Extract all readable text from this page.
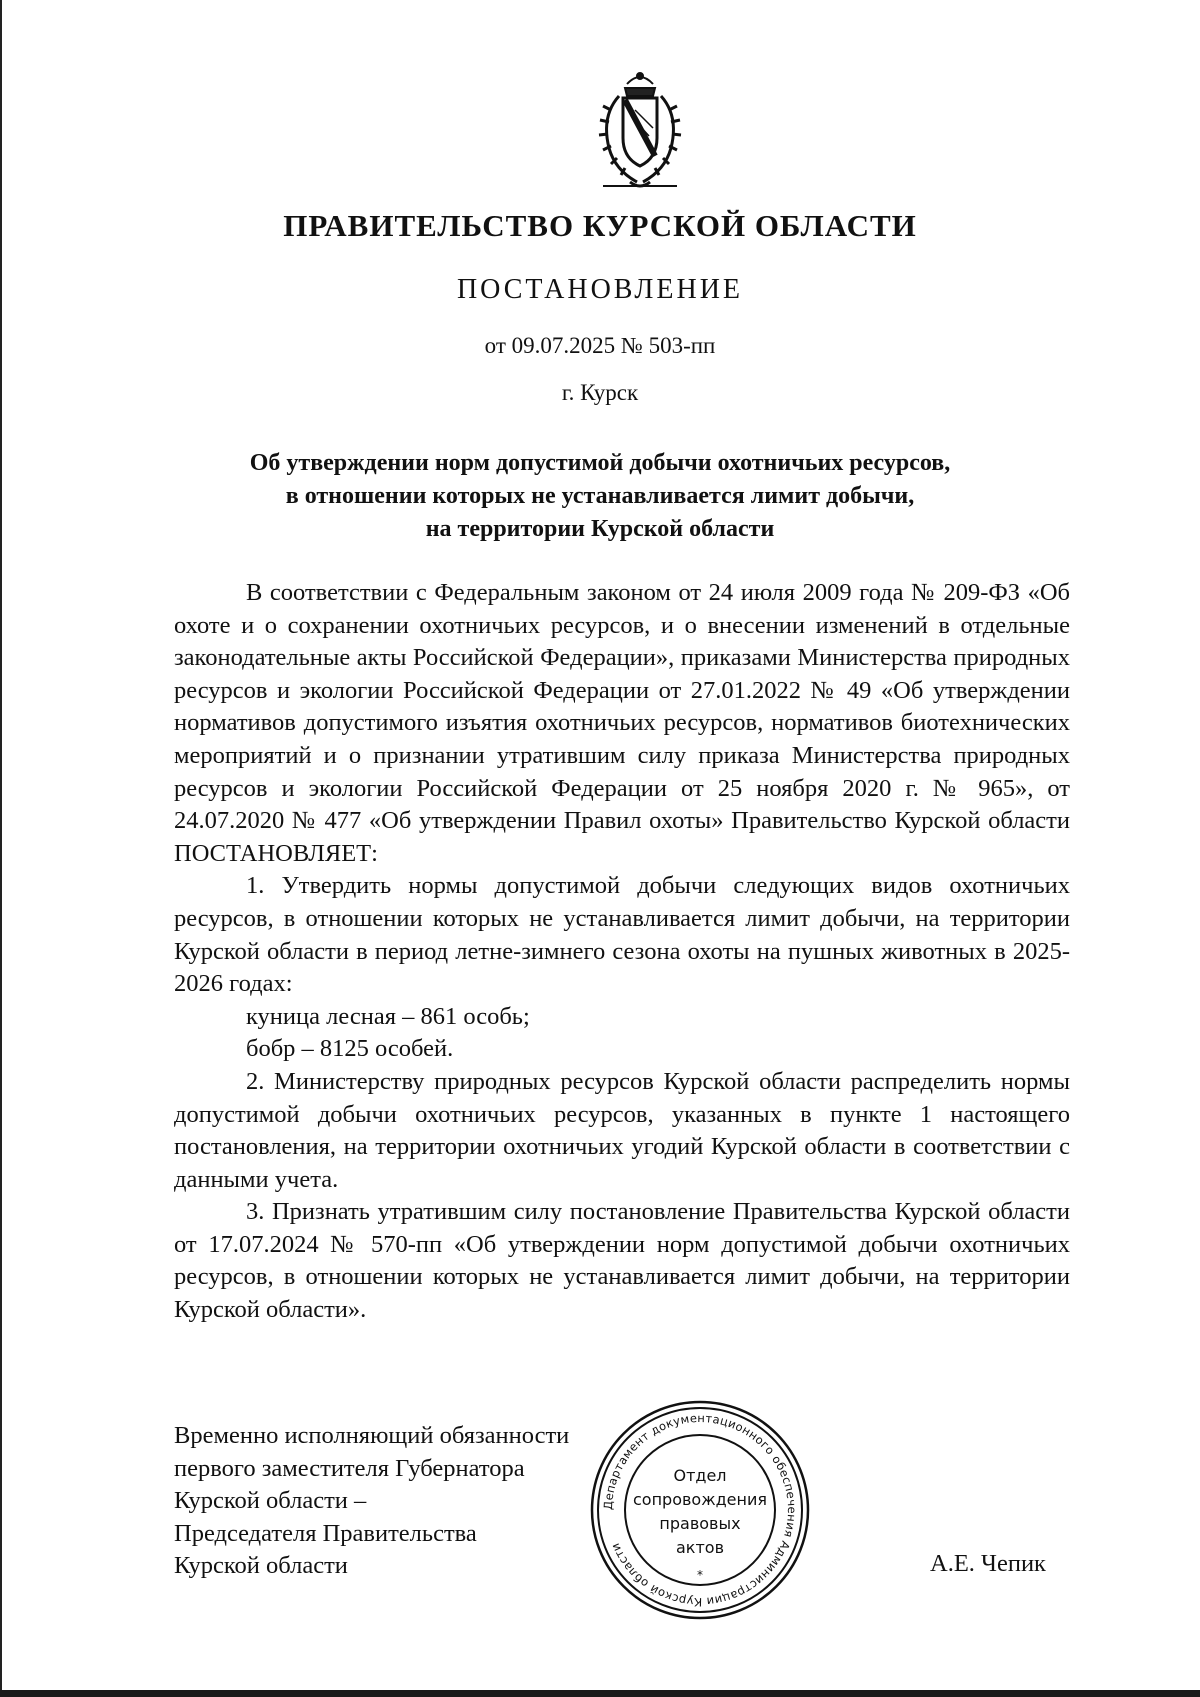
ПРАВИТЕЛЬСТВО КУРСКОЙ ОБЛАСТИ
ПОСТАНОВЛЕНИЕ
от 09.07.2025 № 503-пп
г. Курск
Об утверждении норм допустимой добычи охотничьих ресурсов,
в отношении которых не устанавливается лимит добычи,
на территории Курской области

В соответствии с Федеральным законом от 24 июля 2009 года № 209-ФЗ «Об охоте и о сохранении охотничьих ресурсов, и о внесении изменений в отдельные законодательные акты Российской Федерации», приказами Министерства природных ресурсов и экологии Российской Федерации от 27.01.2022 № 49 «Об утверждении нормативов допустимого изъятия охотничьих ресурсов, нормативов биотехнических мероприятий и о признании утратившим силу приказа Министерства природных ресурсов и экологии Российской Федерации от 25 ноября 2020 г. № 965», от 24.07.2020 № 477 «Об утверждении Правил охоты» Правительство Курской области ПОСТАНОВЛЯЕТ:

1. Утвердить нормы допустимой добычи следующих видов охотничьих ресурсов, в отношении которых не устанавливается лимит добычи, на территории Курской области в период летне-зимнего сезона охоты на пушных животных в 2025-2026 годах:

куница лесная – 861 особь;

бобр – 8125 особей.

2. Министерству природных ресурсов Курской области распределить нормы допустимой добычи охотничьих ресурсов, указанных в пункте 1 настоящего постановления, на территории охотничьих угодий Курской области в соответствии с данными учета.

3. Признать утратившим силу постановление Правительства Курской области от 17.07.2024 № 570-пп «Об утверждении норм допустимой добычи охотничьих ресурсов, в отношении которых не устанавливается лимит добычи, на территории Курской области».

Временно исполняющий обязанности
первого заместителя Губернатора
Курской области –
Председателя Правительства
Курской области
Департамент документационного обеспечения Администрации Курской области
*
Отдел
сопровождения
правовых
актов
А.Е. Чепик
